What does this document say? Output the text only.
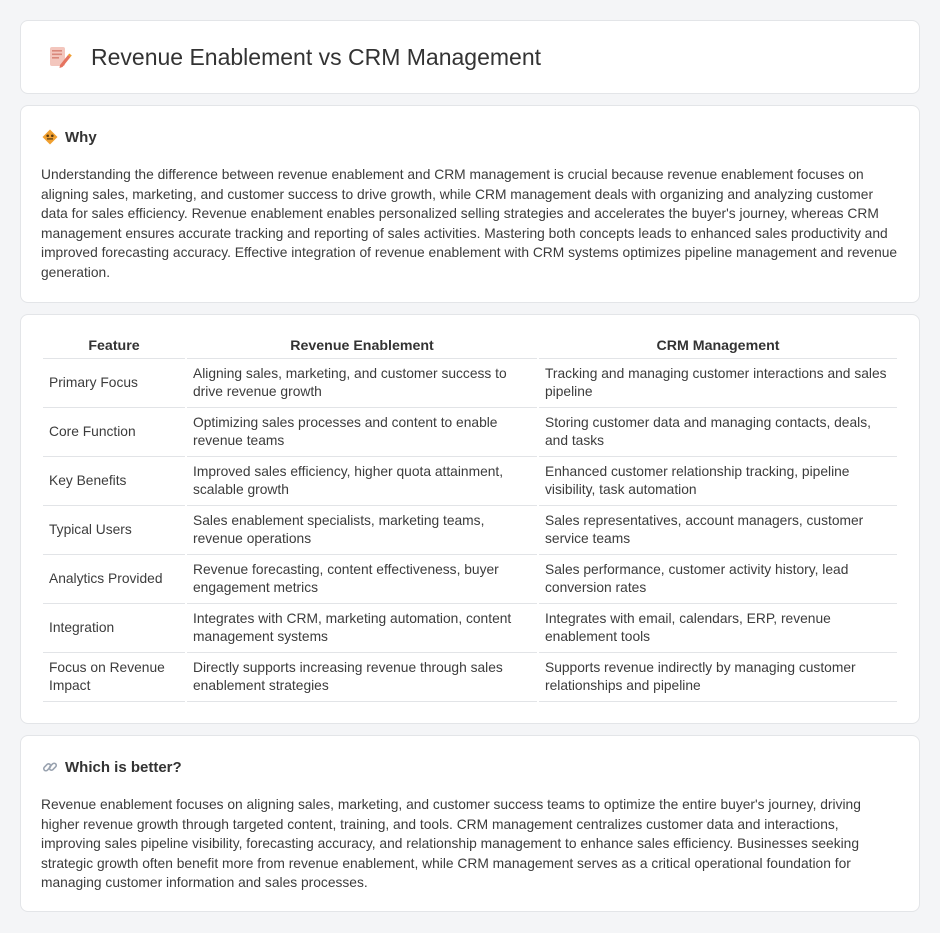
Revenue Enablement vs CRM Management
Why

Understanding the difference between revenue enablement and CRM management is crucial because revenue enablement focuses on aligning sales, marketing, and customer success to drive growth, while CRM management deals with organizing and analyzing customer data for sales efficiency. Revenue enablement enables personalized selling strategies and accelerates the buyer's journey, whereas CRM management ensures accurate tracking and reporting of sales activities. Mastering both concepts leads to enhanced sales productivity and improved forecasting accuracy. Effective integration of revenue enablement with CRM systems optimizes pipeline management and revenue generation.

Feature	Revenue Enablement	CRM Management
Primary Focus	Aligning sales, marketing, and customer success to drive revenue growth	Tracking and managing customer interactions and sales pipeline
Core Function	Optimizing sales processes and content to enable revenue teams	Storing customer data and managing contacts, deals, and tasks
Key Benefits	Improved sales efficiency, higher quota attainment, scalable growth	Enhanced customer relationship tracking, pipeline visibility, task automation
Typical Users	Sales enablement specialists, marketing teams, revenue operations	Sales representatives, account managers, customer service teams
Analytics Provided	Revenue forecasting, content effectiveness, buyer engagement metrics	Sales performance, customer activity history, lead conversion rates
Integration	Integrates with CRM, marketing automation, content management systems	Integrates with email, calendars, ERP, revenue enablement tools
Focus on Revenue Impact	Directly supports increasing revenue through sales enablement strategies	Supports revenue indirectly by managing customer relationships and pipeline
Which is better?

Revenue enablement focuses on aligning sales, marketing, and customer success teams to optimize the entire buyer's journey, driving higher revenue growth through targeted content, training, and tools. CRM management centralizes customer data and interactions, improving sales pipeline visibility, forecasting accuracy, and relationship management to enhance sales efficiency. Businesses seeking strategic growth often benefit more from revenue enablement, while CRM management serves as a critical operational foundation for managing customer information and sales processes.
